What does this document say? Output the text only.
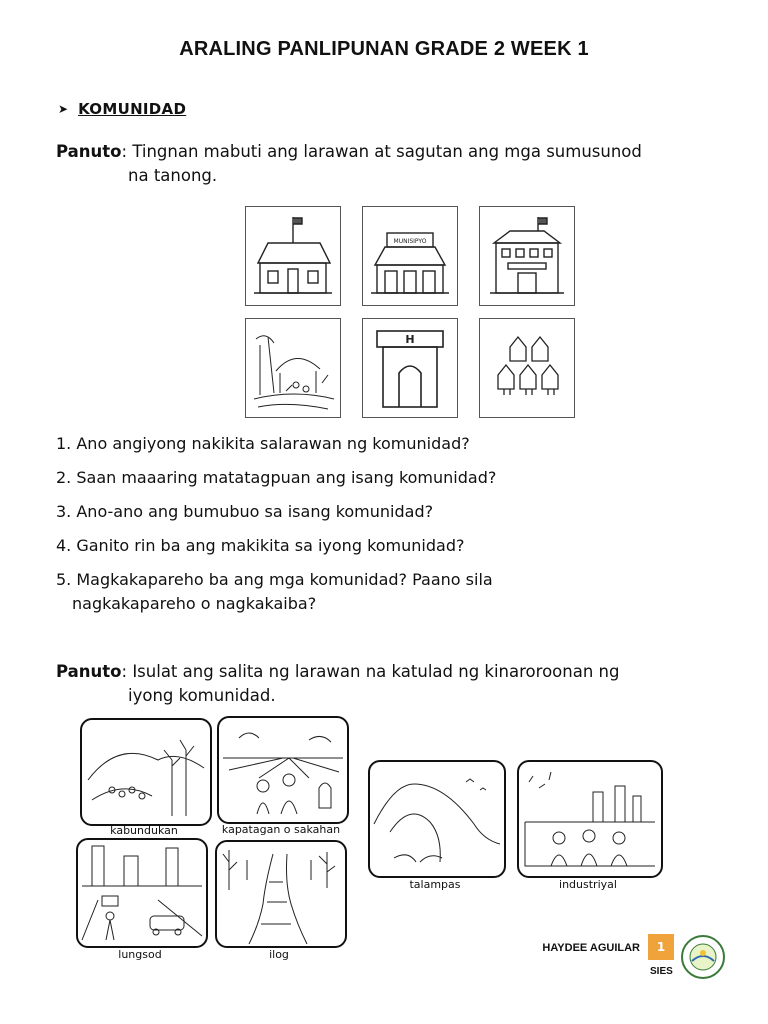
ARALING PANLIPUNAN GRADE 2 WEEK 1
➤ KOMUNIDAD
Panuto: Tingnan mabuti ang larawan at sagutan ang mga sumusunod
na tanong.
MUNISIPYO
H
1. Ano angiyong nakikita salarawan ng komunidad?
2. Saan maaaring matatagpuan ang isang komunidad?
3. Ano-ano ang bumubuo sa isang komunidad?
4. Ganito rin ba ang makikita sa iyong komunidad?
5. Magkakapareho ba ang mga komunidad? Paano sila
nagkakapareho o nagkakaiba?
Panuto: Isulat ang salita ng larawan na katulad ng kinaroroonan ng
iyong komunidad.
kabundukan	kapatagan o sakahan
lungsod	ilog
talampas	industriyal
HAYDEE AGUILAR	1
SIES
